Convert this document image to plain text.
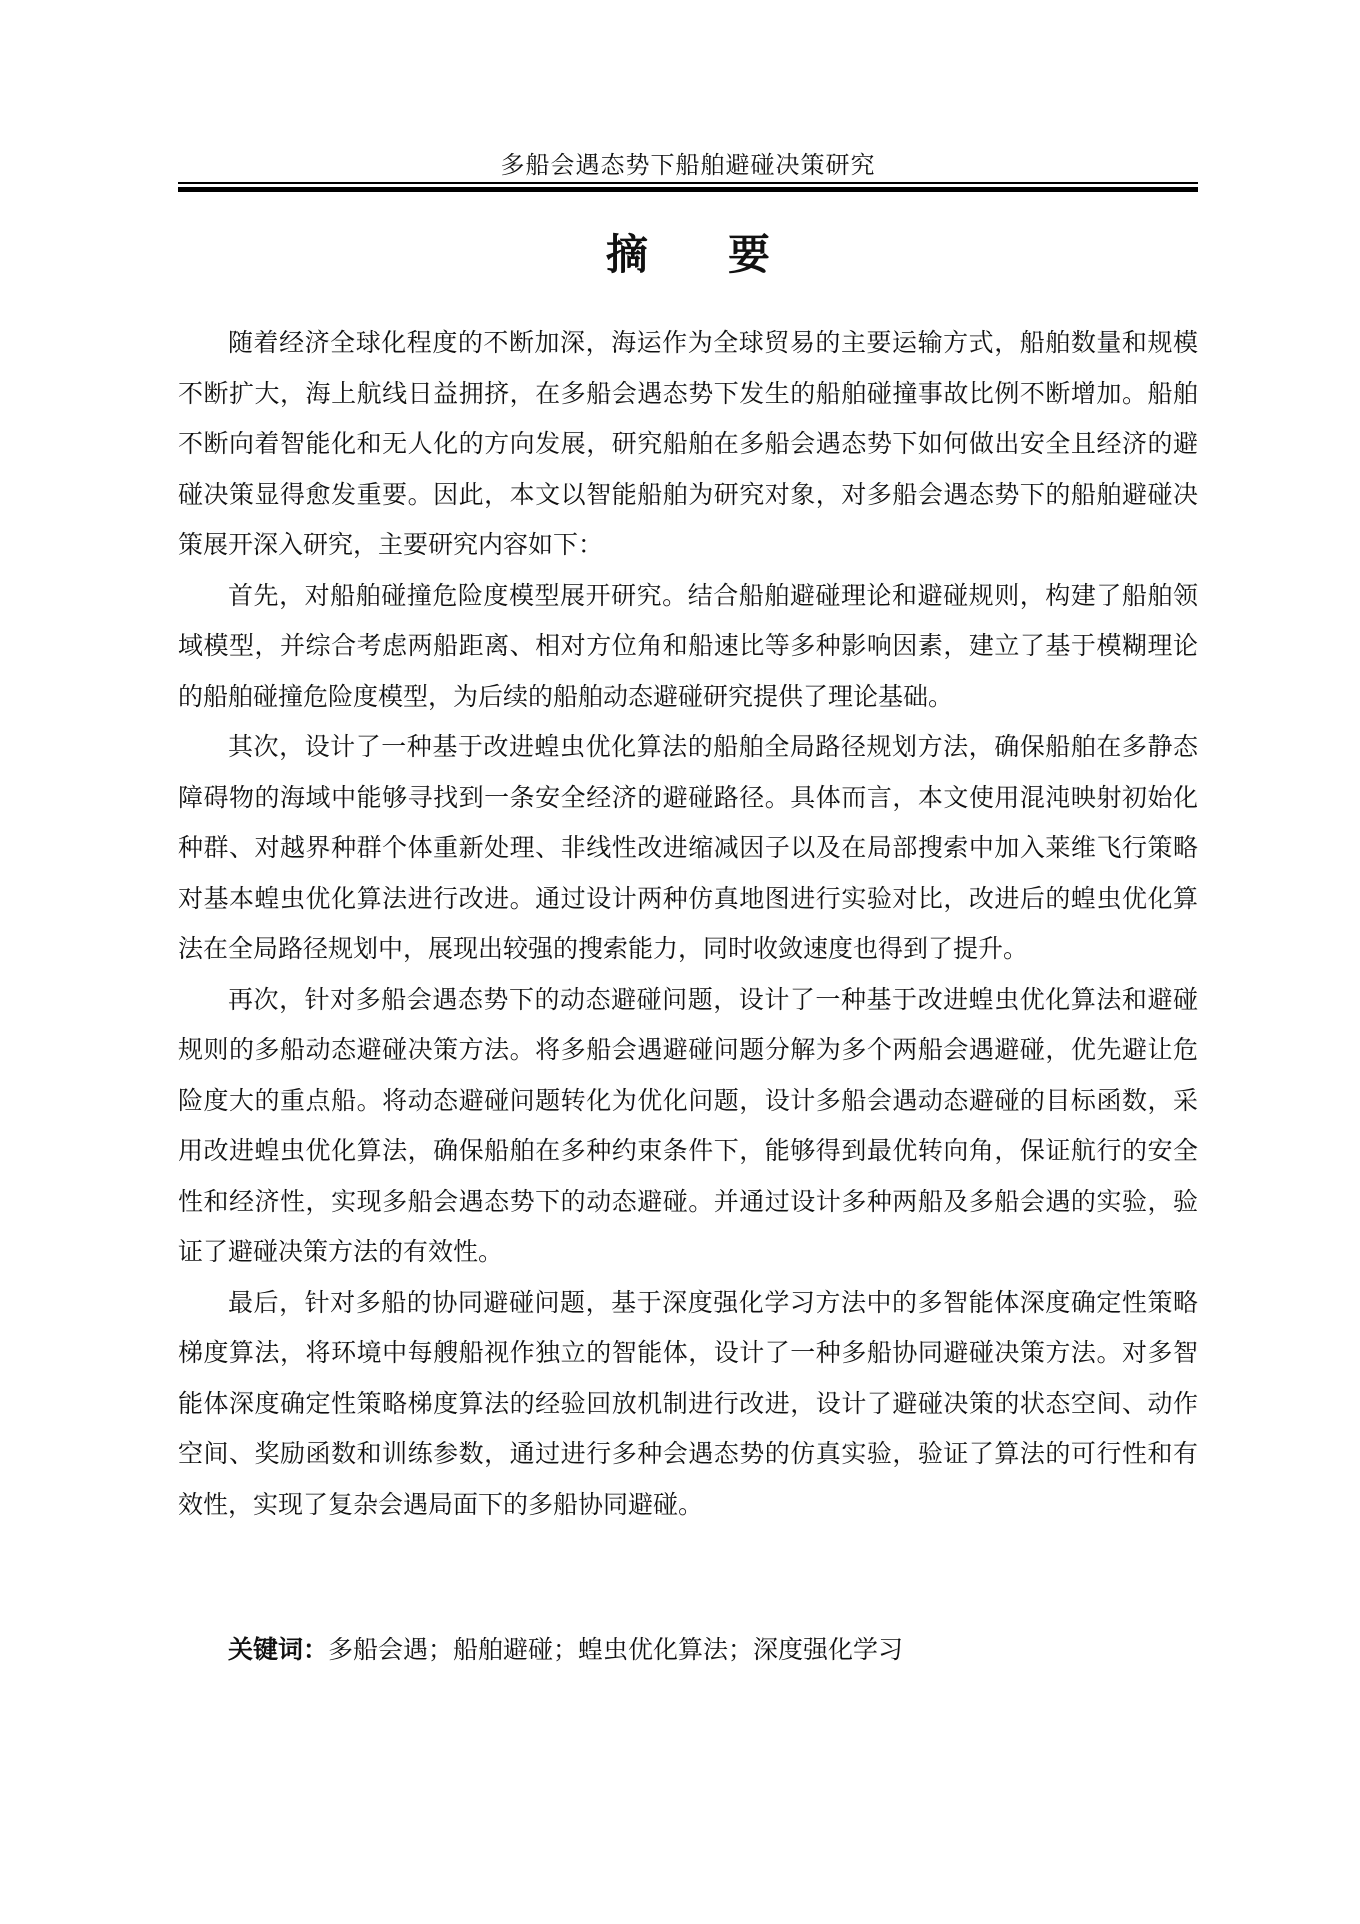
多船会遇态势下船舶避碰决策研究
摘要

随着经济全球化程度的不断加深，海运作为全球贸易的主要运输方式，船舶数量和规模不断扩大，海上航线日益拥挤，在多船会遇态势下发生的船舶碰撞事故比例不断增加。船舶不断向着智能化和无人化的方向发展，研究船舶在多船会遇态势下如何做出安全且经济的避碰决策显得愈发重要。因此，本文以智能船舶为研究对象，对多船会遇态势下的船舶避碰决策展开深入研究，主要研究内容如下：

首先，对船舶碰撞危险度模型展开研究。结合船舶避碰理论和避碰规则，构建了船舶领域模型，并综合考虑两船距离、相对方位角和船速比等多种影响因素，建立了基于模糊理论的船舶碰撞危险度模型，为后续的船舶动态避碰研究提供了理论基础。

其次，设计了一种基于改进蝗虫优化算法的船舶全局路径规划方法，确保船舶在多静态障碍物的海域中能够寻找到一条安全经济的避碰路径。具体而言，本文使用混沌映射初始化种群、对越界种群个体重新处理、非线性改进缩减因子以及在局部搜索中加入莱维飞行策略对基本蝗虫优化算法进行改进。通过设计两种仿真地图进行实验对比，改进后的蝗虫优化算法在全局路径规划中，展现出较强的搜索能力，同时收敛速度也得到了提升。

再次，针对多船会遇态势下的动态避碰问题，设计了一种基于改进蝗虫优化算法和避碰规则的多船动态避碰决策方法。将多船会遇避碰问题分解为多个两船会遇避碰，优先避让危险度大的重点船。将动态避碰问题转化为优化问题，设计多船会遇动态避碰的目标函数，采用改进蝗虫优化算法，确保船舶在多种约束条件下，能够得到最优转向角，保证航行的安全性和经济性，实现多船会遇态势下的动态避碰。并通过设计多种两船及多船会遇的实验，验证了避碰决策方法的有效性。

最后，针对多船的协同避碰问题，基于深度强化学习方法中的多智能体深度确定性策略梯度算法，将环境中每艘船视作独立的智能体，设计了一种多船协同避碰决策方法。对多智能体深度确定性策略梯度算法的经验回放机制进行改进，设计了避碰决策的状态空间、动作空间、奖励函数和训练参数，通过进行多种会遇态势的仿真实验，验证了算法的可行性和有效性，实现了复杂会遇局面下的多船协同避碰。

关键词：多船会遇；船舶避碰；蝗虫优化算法；深度强化学习
